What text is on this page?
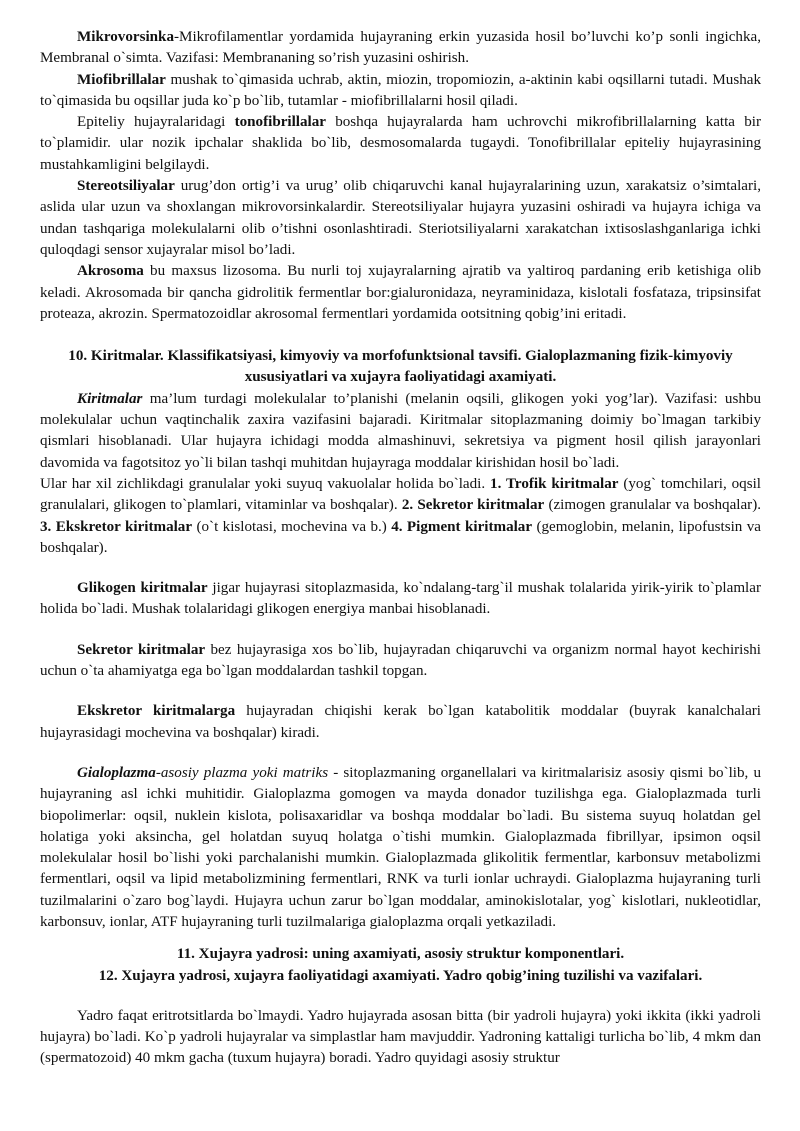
Mikrovorsinka-Mikrofilamentlar yordamida hujayraning erkin yuzasida hosil bo’luvchi ko’p sonli ingichka, Membranal o`simta. Vazifasi: Membrananing so’rish yuzasini oshirish.

Miofibrillalar mushak to`qimasida uchrab, aktin, miozin, tropomiozin, a-aktinin kabi oqsillarni tutadi. Mushak to`qimasida bu oqsillar juda ko`p bo`lib, tutamlar - miofibrillalarni hosil qiladi.

Epiteliy hujayralaridagi tonofibrillalar boshqa hujayralarda ham uchrovchi mikrofibrillalarning katta bir to`plamidir. ular nozik ipchalar shaklida bo`lib, desmosomalarda tugaydi. Tonofibrillalar epiteliy hujayrasining mustahkamligini belgilaydi.

Stereotsiliyalar urug’don ortig’i va urug’ olib chiqaruvchi kanal hujayralarining uzun, xarakatsiz o’simtalari, aslida ular uzun va shoxlangan mikrovorsinkalardir. Stereotsiliyalar hujayra yuzasini oshiradi va hujayra ichiga va undan tashqariga molekulalarni olib o’tishni osonlashtiradi. Steriotsiliyalarni xarakatchan ixtisoslashganlariga ichki quloqdagi sensor xujayralar misol bo’ladi.

Akrosoma bu maxsus lizosoma. Bu nurli toj xujayralarning ajratib va yaltiroq pardaning erib ketishiga olib keladi. Akrosomada bir qancha gidrolitik fermentlar bor:gialuronidaza, neyraminidaza, kislotali fosfataza, tripsinsifat proteaza, akrozin. Spermatozoidlar akrosomal fermentlari yordamida ootsitning qobig’ini eritadi.

10. Kiritmalar. Klassifikatsiyasi, kimyoviy va morfofunktsional tavsifi. Gialoplazmaning fizik-kimyoviy xususiyatlari va xujayra faoliyatidagi axamiyati.

Kiritmalar ma’lum turdagi molekulalar to’planishi (melanin oqsili, glikogen yoki yog’lar). Vazifasi: ushbu molekulalar uchun vaqtinchalik zaxira vazifasini bajaradi. Kiritmalar sitoplazmaning doimiy bo`lmagan tarkibiy qismlari hisoblanadi. Ular hujayra ichidagi modda almashinuvi, sekretsiya va pigment hosil qilish jarayonlari davomida va fagotsitoz yo`li bilan tashqi muhitdan hujayraga moddalar kirishidan hosil bo`ladi.

Ular har xil zichlikdagi granulalar yoki suyuq vakuolalar holida bo`ladi. 1. Trofik kiritmalar (yog` tomchilari, oqsil granulalari, glikogen to`plamlari, vitaminlar va boshqalar). 2. Sekretor kiritmalar (zimogen granulalar va boshqalar). 3. Ekskretor kiritmalar (o`t kislotasi, mochevina va b.) 4. Pigment kiritmalar (gemoglobin, melanin, lipofustsin va boshqalar).

Glikogen kiritmalar jigar hujayrasi sitoplazmasida, ko`ndalang-targ`il mushak tolalarida yirik-yirik to`plamlar holida bo`ladi. Mushak tolalaridagi glikogen energiya manbai hisoblanadi.

Sekretor kiritmalar bez hujayrasiga xos bo`lib, hujayradan chiqaruvchi va organizm normal hayot kechirishi uchun o`ta ahamiyatga ega bo`lgan moddalardan tashkil topgan.

Ekskretor kiritmalarga hujayradan chiqishi kerak bo`lgan katabolitik moddalar (buyrak kanalchalari hujayrasidagi mochevina va boshqalar) kiradi.

Gialoplazma-asosiy plazma yoki matriks - sitoplazmaning organellalari va kiritmalarisiz asosiy qismi bo`lib, u hujayraning asl ichki muhitidir. Gialoplazma gomogen va mayda donador tuzilishga ega. Gialoplazmada turli biopolimerlar: oqsil, nuklein kislota, polisaxaridlar va boshqa moddalar bo`ladi. Bu sistema suyuq holatdan gel holatiga yoki aksincha, gel holatdan suyuq holatga o`tishi mumkin. Gialoplazmada fibrillyar, ipsimon oqsil molekulalar hosil bo`lishi yoki parchalanishi mumkin. Gialoplazmada glikolitik fermentlar, karbonsuv metabolizmi fermentlari, oqsil va lipid metabolizmining fermentlari, RNK va turli ionlar uchraydi. Gialoplazma hujayraning turli tuzilmalarini o`zaro bog`laydi. Hujayra uchun zarur bo`lgan moddalar, aminokislotalar, yog` kislotlari, nukleotidlar, karbonsuv, ionlar, ATF hujayraning turli tuzilmalariga gialoplazma orqali yetkaziladi.

11. Xujayra yadrosi: uning axamiyati, asosiy struktur komponentlari.
12. Xujayra yadrosi, xujayra faoliyatidagi axamiyati. Yadro qobig’ining tuzilishi va vazifalari.

Yadro faqat eritrotsitlarda bo`lmaydi. Yadro hujayrada asosan bitta (bir yadroli hujayra) yoki ikkita (ikki yadroli hujayra) bo`ladi. Ko`p yadroli hujayralar va simplastlar ham mavjuddir. Yadroning kattaligi turlicha bo`lib, 4 mkm dan (spermatozoid) 40 mkm gacha (tuxum hujayra) boradi. Yadro quyidagi asosiy struktur
